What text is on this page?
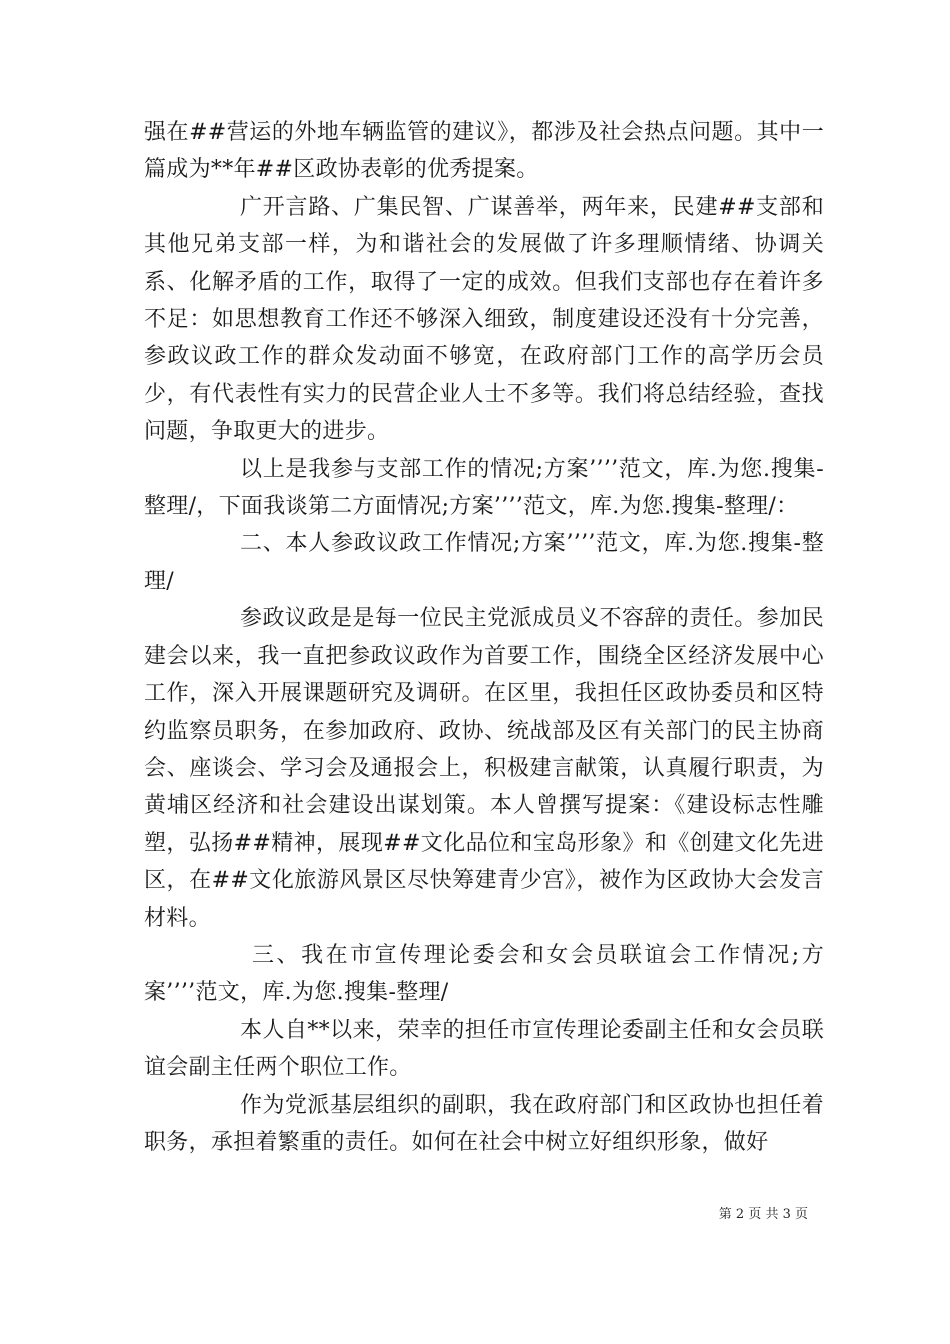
强在##营运的外地车辆监管的建议》，都涉及社会热点问题。其中一篇成为**年##区政协表彰的优秀提案。

广开言路、广集民智、广谋善举，两年来，民建##支部和其他兄弟支部一样，为和谐社会的发展做了许多理顺情绪、协调关系、化解矛盾的工作，取得了一定的成效。但我们支部也存在着许多不足：如思想教育工作还不够深入细致，制度建设还没有十分完善，参政议政工作的群众发动面不够宽，在政府部门工作的高学历会员少，有代表性有实力的民营企业人士不多等。我们将总结经验，查找问题，争取更大的进步。

以上是我参与支部工作的情况;方案’’’’范文，库.为您.搜集-整理/，下面我谈第二方面情况;方案’’’’范文，库.为您.搜集-整理/：

二、本人参政议政工作情况;方案’’’’范文，库.为您.搜集-整理/

参政议政是是每一位民主党派成员义不容辞的责任。参加民建会以来，我一直把参政议政作为首要工作，围绕全区经济发展中心工作，深入开展课题研究及调研。在区里，我担任区政协委员和区特约监察员职务，在参加政府、政协、统战部及区有关部门的民主协商会、座谈会、学习会及通报会上，积极建言献策，认真履行职责，为黄埔区经济和社会建设出谋划策。本人曾撰写提案：《建设标志性雕塑，弘扬##精神，展现##文化品位和宝岛形象》和《创建文化先进区，在##文化旅游风景区尽快筹建青少宫》，被作为区政协大会发言材料。

三、我在市宣传理论委会和女会员联谊会工作情况;方案’’’’范文，库.为您.搜集-整理/

本人自**以来，荣幸的担任市宣传理论委副主任和女会员联谊会副主任两个职位工作。

作为党派基层组织的副职，我在政府部门和区政协也担任着职务，承担着繁重的责任。如何在社会中树立好组织形象，做好

第 2 页 共 3 页
